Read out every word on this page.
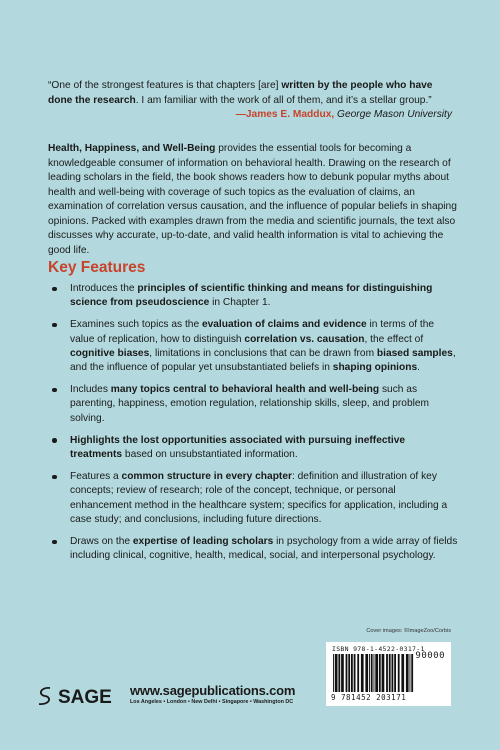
“One of the strongest features is that chapters [are] written by the people who have done the research. I am familiar with the work of all of them, and it’s a stellar group.”
—James E. Maddux, George Mason University
Health, Happiness, and Well-Being provides the essential tools for becoming a knowledgeable consumer of information on behavioral health. Drawing on the research of leading scholars in the field, the book shows readers how to debunk popular myths about health and well-being with coverage of such topics as the evaluation of claims, an examination of correlation versus causation, and the influence of popular beliefs in shaping opinions. Packed with examples drawn from the media and scientific journals, the text also discusses why accurate, up-to-date, and valid health information is vital to achieving the good life.
Key Features
Introduces the principles of scientific thinking and means for distinguishing science from pseudoscience in Chapter 1.
Examines such topics as the evaluation of claims and evidence in terms of the value of replication, how to distinguish correlation vs. causation, the effect of cognitive biases, limitations in conclusions that can be drawn from biased samples, and the influence of popular yet unsubstantiated beliefs in shaping opinions.
Includes many topics central to behavioral health and well-being such as parenting, happiness, emotion regulation, relationship skills, sleep, and problem solving.
Highlights the lost opportunities associated with pursuing ineffective treatments based on unsubstantiated information.
Features a common structure in every chapter: definition and illustration of key concepts; review of research; role of the concept, technique, or personal enhancement method in the healthcare system; specifics for application, including a case study; and conclusions, including future directions.
Draws on the expertise of leading scholars in psychology from a wide array of fields including clinical, cognitive, health, medical, social, and interpersonal psychology.
Cover images: ©ImageZoo/Corbis
ISBN 978-1-4522-0317-1
90000
9 781452 203171
SAGE www.sagepublications.com
Los Angeles • London • New Delhi • Singapore • Washington DC
